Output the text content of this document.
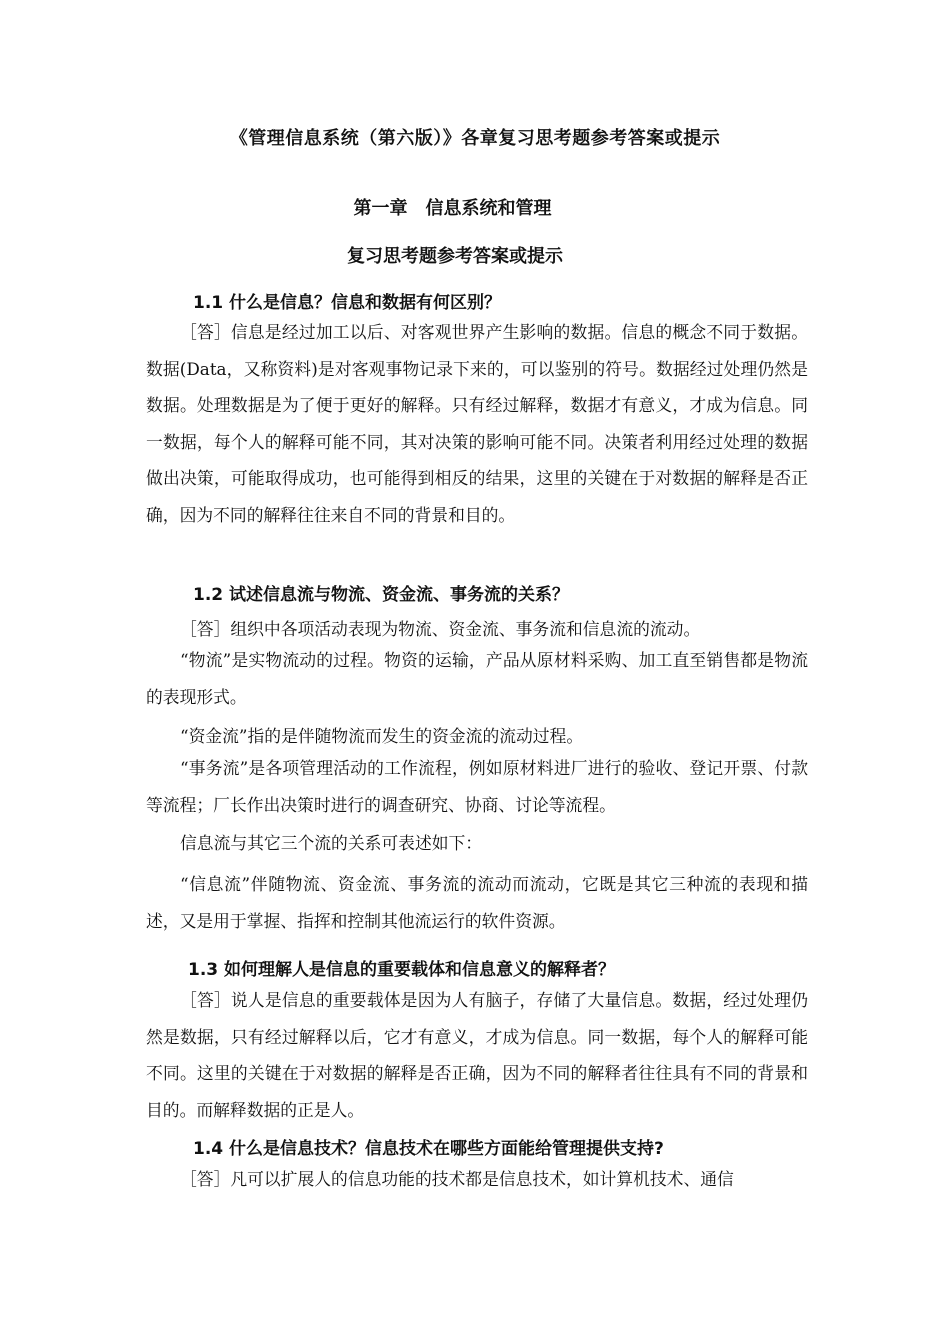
《管理信息系统（第六版）》各章复习思考题参考答案或提示
第一章 信息系统和管理
复习思考题参考答案或提示
1.1 什么是信息？信息和数据有何区别？

［答］信息是经过加工以后、对客观世界产生影响的数据。信息的概念不同于数据。数据(Data，又称资料)是对客观事物记录下来的，可以鉴别的符号。数据经过处理仍然是数据。处理数据是为了便于更好的解释。只有经过解释，数据才有意义，才成为信息。同一数据，每个人的解释可能不同，其对决策的影响可能不同。决策者利用经过处理的数据做出决策，可能取得成功，也可能得到相反的结果，这里的关键在于对数据的解释是否正确，因为不同的解释往往来自不同的背景和目的。

1.2 试述信息流与物流、资金流、事务流的关系？
［答］组织中各项活动表现为物流、资金流、事务流和信息流的流动。

“物流”是实物流动的过程。物资的运输，产品从原材料采购、加工直至销售都是物流的表现形式。

“资金流”指的是伴随物流而发生的资金流的流动过程。

“事务流”是各项管理活动的工作流程，例如原材料进厂进行的验收、登记开票、付款等流程；厂长作出决策时进行的调查研究、协商、讨论等流程。

信息流与其它三个流的关系可表述如下：

“信息流”伴随物流、资金流、事务流的流动而流动，它既是其它三种流的表现和描述，又是用于掌握、指挥和控制其他流运行的软件资源。

1.3 如何理解人是信息的重要载体和信息意义的解释者？

［答］说人是信息的重要载体是因为人有脑子，存储了大量信息。数据，经过处理仍然是数据，只有经过解释以后，它才有意义，才成为信息。同一数据，每个人的解释可能不同。这里的关键在于对数据的解释是否正确，因为不同的解释者往往具有不同的背景和目的。而解释数据的正是人。

1.4 什么是信息技术？信息技术在哪些方面能给管理提供支持?

［答］凡可以扩展人的信息功能的技术都是信息技术，如计算机技术、通信
